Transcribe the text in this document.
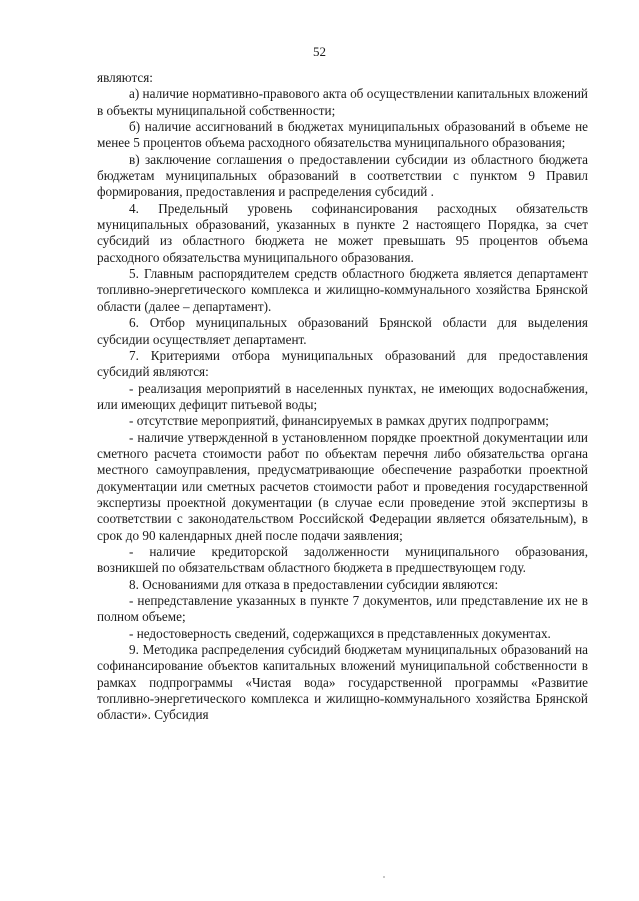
52

являются:

а) наличие нормативно-правового акта об осуществлении капитальных вложений в объекты муниципальной собственности;

б) наличие ассигнований в бюджетах муниципальных образований в объеме не менее 5 процентов объема расходного обязательства муниципального образования;

в) заключение соглашения о предоставлении субсидии из областного бюджета бюджетам муниципальных образований в соответствии с пунктом 9 Правил формирования, предоставления и распределения субсидий .

4. Предельный уровень софинансирования расходных обязательств муниципальных образований, указанных в пункте 2 настоящего Порядка, за счет субсидий из областного бюджета не может превышать 95 процентов объема расходного обязательства муниципального образования.

5. Главным распорядителем средств областного бюджета является департамент топливно-энергетического комплекса и жилищно-коммунального хозяйства Брянской области (далее – департамент).

6. Отбор муниципальных образований Брянской области для выделения субсидии осуществляет департамент.

7. Критериями отбора муниципальных образований для предоставления субсидий являются:

- реализация мероприятий в населенных пунктах, не имеющих водоснабжения, или имеющих дефицит питьевой воды;

- отсутствие мероприятий, финансируемых в рамках других подпрограмм;

- наличие утвержденной в установленном порядке проектной документации или сметного расчета стоимости работ по объектам перечня либо обязательства органа местного самоуправления, предусматривающие обеспечение разработки проектной документации или сметных расчетов стоимости работ и проведения государственной экспертизы проектной документации (в случае если проведение этой экспертизы в соответствии с законодательством Российской Федерации является обязательным), в срок до 90 календарных дней после подачи заявления;

- наличие кредиторской задолженности муниципального образования, возникшей по обязательствам областного бюджета в предшествующем году.

8. Основаниями для отказа в предоставлении субсидии являются:

- непредставление указанных в пункте 7 документов, или представление их не в полном объеме;

- недостоверность сведений, содержащихся в представленных документах.

9. Методика распределения субсидий бюджетам муниципальных образований на софинансирование объектов капитальных вложений муниципальной собственности в рамках подпрограммы «Чистая вода» государственной программы «Развитие топливно-энергетического комплекса и жилищно-коммунального хозяйства Брянской области». Субсидия
